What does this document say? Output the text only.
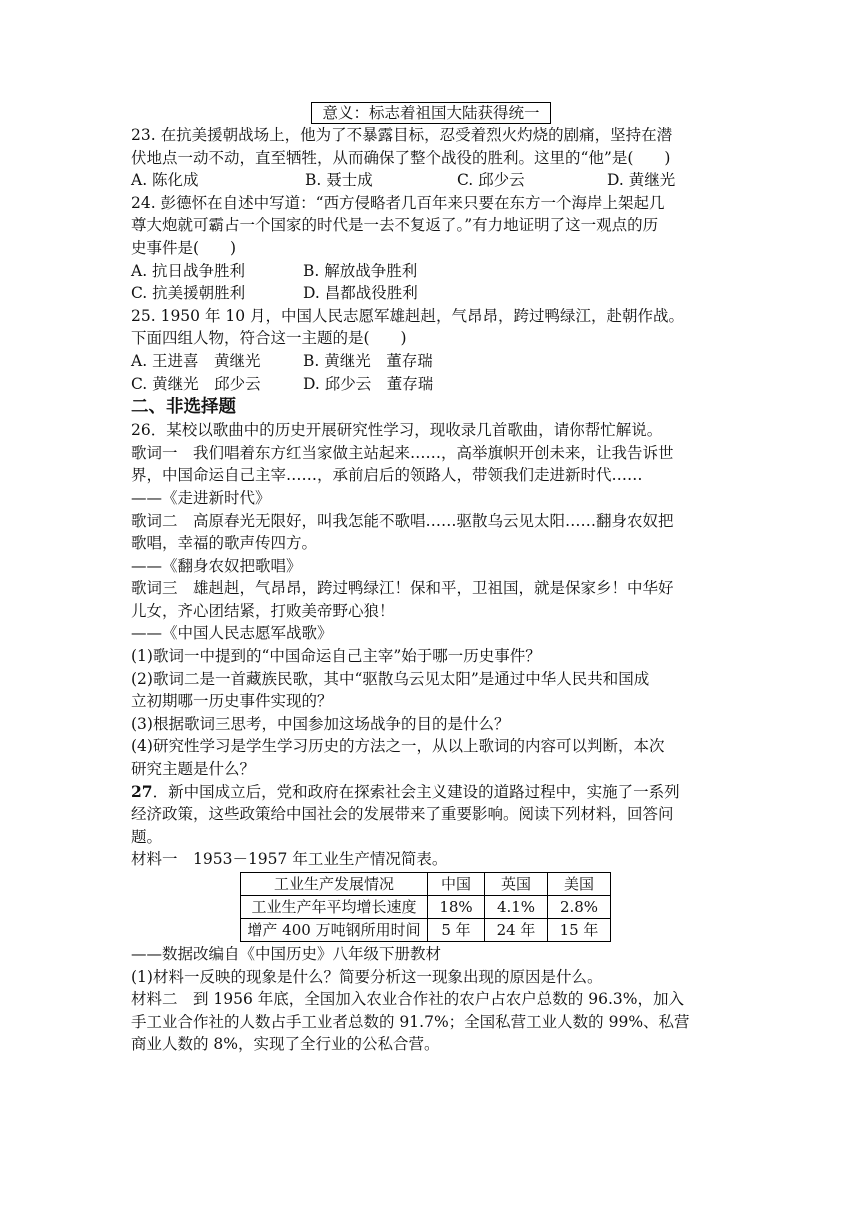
意义：标志着祖国大陆获得统一
23. 在抗美援朝战场上，他为了不暴露目标，忍受着烈火灼烧的剧痛，坚持在潜
伏地点一动不动，直至牺牲，从而确保了整个战役的胜利。这里的“他”是(　　)
A. 陈化成	B. 聂士成	C. 邱少云	D. 黄继光
24. 彭德怀在自述中写道：“西方侵略者几百年来只要在东方一个海岸上架起几
尊大炮就可霸占一个国家的时代是一去不复返了。”有力地证明了这一观点的历
史事件是(　　)
A. 抗日战争胜利	B. 解放战争胜利
C. 抗美援朝胜利	D. 昌都战役胜利
25. 1950 年 10 月，中国人民志愿军雄赳赳，气昂昂，跨过鸭绿江，赴朝作战。
下面四组人物，符合这一主题的是(　　)
A. 王进喜　黄继光	B. 黄继光　董存瑞
C. 黄继光　邱少云	D. 邱少云　董存瑞
二、非选择题
26．某校以歌曲中的历史开展研究性学习，现收录几首歌曲，请你帮忙解说。
歌词一　我们唱着东方红当家做主站起来……，高举旗帜开创未来，让我告诉世
界，中国命运自己主宰……，承前启后的领路人，带领我们走进新时代……
——《走进新时代》
歌词二　高原春光无限好，叫我怎能不歌唱……驱散乌云见太阳……翻身农奴把
歌唱，幸福的歌声传四方。
——《翻身农奴把歌唱》
歌词三　雄赳赳，气昂昂，跨过鸭绿江！保和平，卫祖国，就是保家乡！中华好
儿女，齐心团结紧，打败美帝野心狼！
——《中国人民志愿军战歌》
(1)歌词一中提到的“中国命运自己主宰”始于哪一历史事件？
(2)歌词二是一首藏族民歌，其中“驱散乌云见太阳”是通过中华人民共和国成
立初期哪一历史事件实现的？
(3)根据歌词三思考，中国参加这场战争的目的是什么？
(4)研究性学习是学生学习历史的方法之一，从以上歌词的内容可以判断，本次
研究主题是什么？
27．新中国成立后，党和政府在探索社会主义建设的道路过程中，实施了一系列
经济政策，这些政策给中国社会的发展带来了重要影响。阅读下列材料，回答问
题。
材料一　1953－1957 年工业生产情况简表。
工业生产发展情况	中国	英国	美国
工业生产年平均增长速度	18%	4.1%	2.8%
增产 400 万吨钢所用时间	5 年	24 年	15 年
——数据改编自《中国历史》八年级下册教材
(1)材料一反映的现象是什么？简要分析这一现象出现的原因是什么。
材料二　到 1956 年底，全国加入农业合作社的农户占农户总数的 96.3%，加入
手工业合作社的人数占手工业者总数的 91.7%；全国私营工业人数的 99%、私营
商业人数的 8%，实现了全行业的公私合营。
